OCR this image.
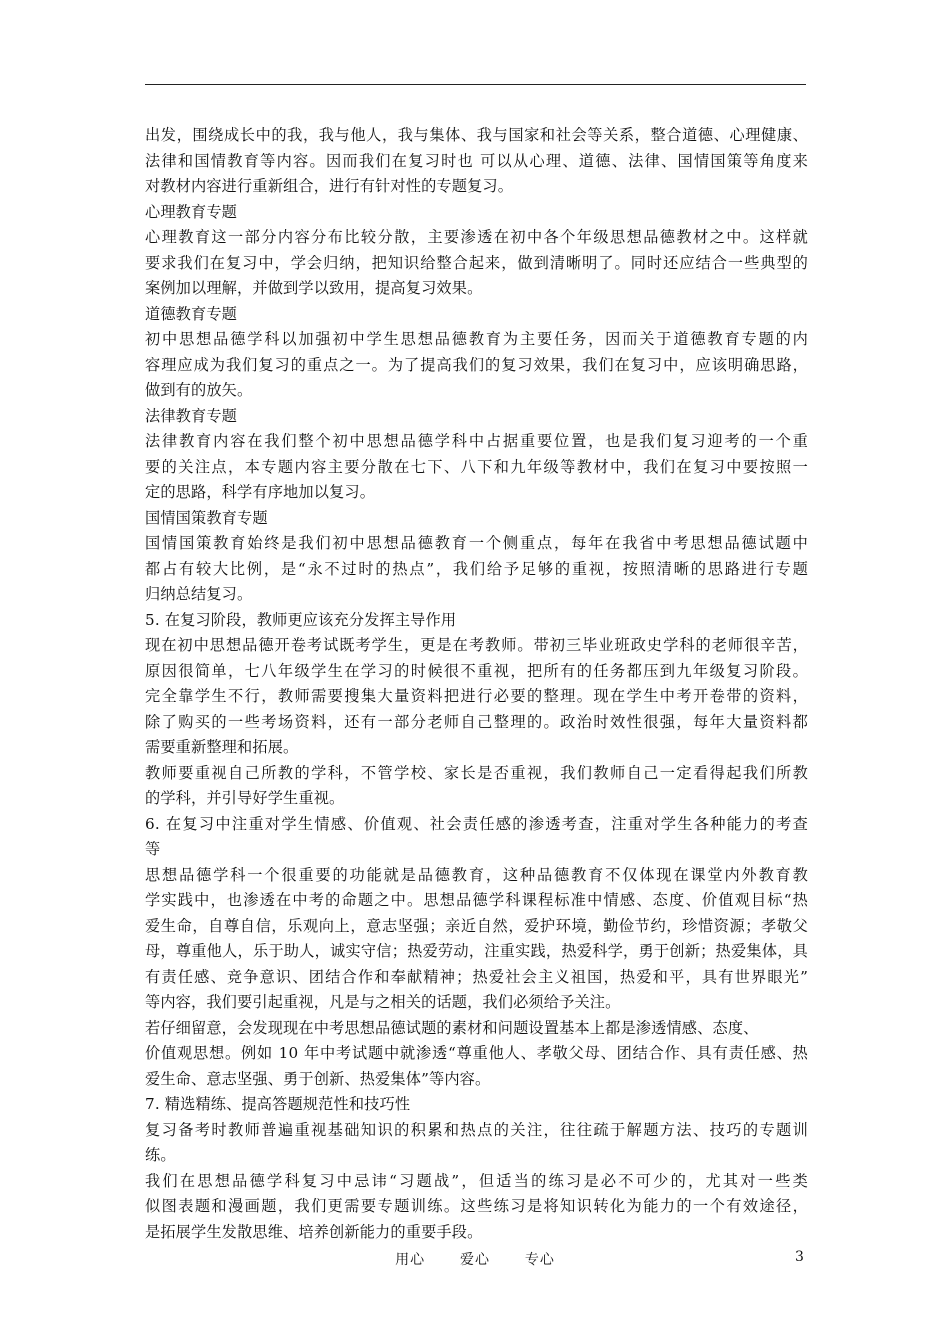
出发，围绕成长中的我，我与他人，我与集体、我与国家和社会等关系，整合道德、心理健康、
法律和国情教育等内容。因而我们在复习时也 可以从心理、道德、法律、国情国策等角度来
对教材内容进行重新组合，进行有针对性的专题复习。
心理教育专题
心理教育这一部分内容分布比较分散，主要渗透在初中各个年级思想品德教材之中。这样就
要求我们在复习中，学会归纳，把知识给整合起来，做到清晰明了。同时还应结合一些典型的
案例加以理解，并做到学以致用，提高复习效果。
道德教育专题
初中思想品德学科以加强初中学生思想品德教育为主要任务，因而关于道德教育专题的内
容理应成为我们复习的重点之一。为了提高我们的复习效果，我们在复习中，应该明确思路，
做到有的放矢。
法律教育专题
法律教育内容在我们整个初中思想品德学科中占据重要位置，也是我们复习迎考的一个重
要的关注点，本专题内容主要分散在七下、八下和九年级等教材中，我们在复习中要按照一
定的思路，科学有序地加以复习。
国情国策教育专题
国情国策教育始终是我们初中思想品德教育一个侧重点，每年在我省中考思想品德试题中
都占有较大比例，是“永不过时的热点”，我们给予足够的重视，按照清晰的思路进行专题
归纳总结复习。
5. 在复习阶段，教师更应该充分发挥主导作用
现在初中思想品德开卷考试既考学生，更是在考教师。带初三毕业班政史学科的老师很辛苦，
原因很简单，七八年级学生在学习的时候很不重视，把所有的任务都压到九年级复习阶段。
完全靠学生不行，教师需要搜集大量资料把进行必要的整理。现在学生中考开卷带的资料，
除了购买的一些考场资料，还有一部分老师自己整理的。政治时效性很强，每年大量资料都
需要重新整理和拓展。
教师要重视自己所教的学科，不管学校、家长是否重视，我们教师自己一定看得起我们所教
的学科，并引导好学生重视。
6. 在复习中注重对学生情感、价值观、社会责任感的渗透考查，注重对学生各种能力的考查
等
思想品德学科一个很重要的功能就是品德教育，这种品德教育不仅体现在课堂内外教育教
学实践中，也渗透在中考的命题之中。思想品德学科课程标准中情感、态度、价值观目标“热
爱生命，自尊自信，乐观向上，意志坚强；亲近自然，爱护环境，勤俭节约，珍惜资源；孝敬父
母，尊重他人，乐于助人，诚实守信；热爱劳动，注重实践，热爱科学，勇于创新；热爱集体，具
有责任感、竞争意识、团结合作和奉献精神；热爱社会主义祖国，热爱和平，具有世界眼光”
等内容，我们要引起重视，凡是与之相关的话题，我们必须给予关注。
若仔细留意，会发现现在中考思想品德试题的素材和问题设置基本上都是渗透情感、态度、
价值观思想。例如 10 年中考试题中就渗透“尊重他人、孝敬父母、团结合作、具有责任感、热
爱生命、意志坚强、勇于创新、热爱集体”等内容。
7. 精选精练、提高答题规范性和技巧性
复习备考时教师普遍重视基础知识的积累和热点的关注，往往疏于解题方法、技巧的专题训
练。
我们在思想品德学科复习中忌讳“习题战”，但适当的练习是必不可少的，尤其对一些类
似图表题和漫画题，我们更需要专题训练。这些练习是将知识转化为能力的一个有效途径，
是拓展学生发散思维、培养创新能力的重要手段。
用心  爱心  专心	3
